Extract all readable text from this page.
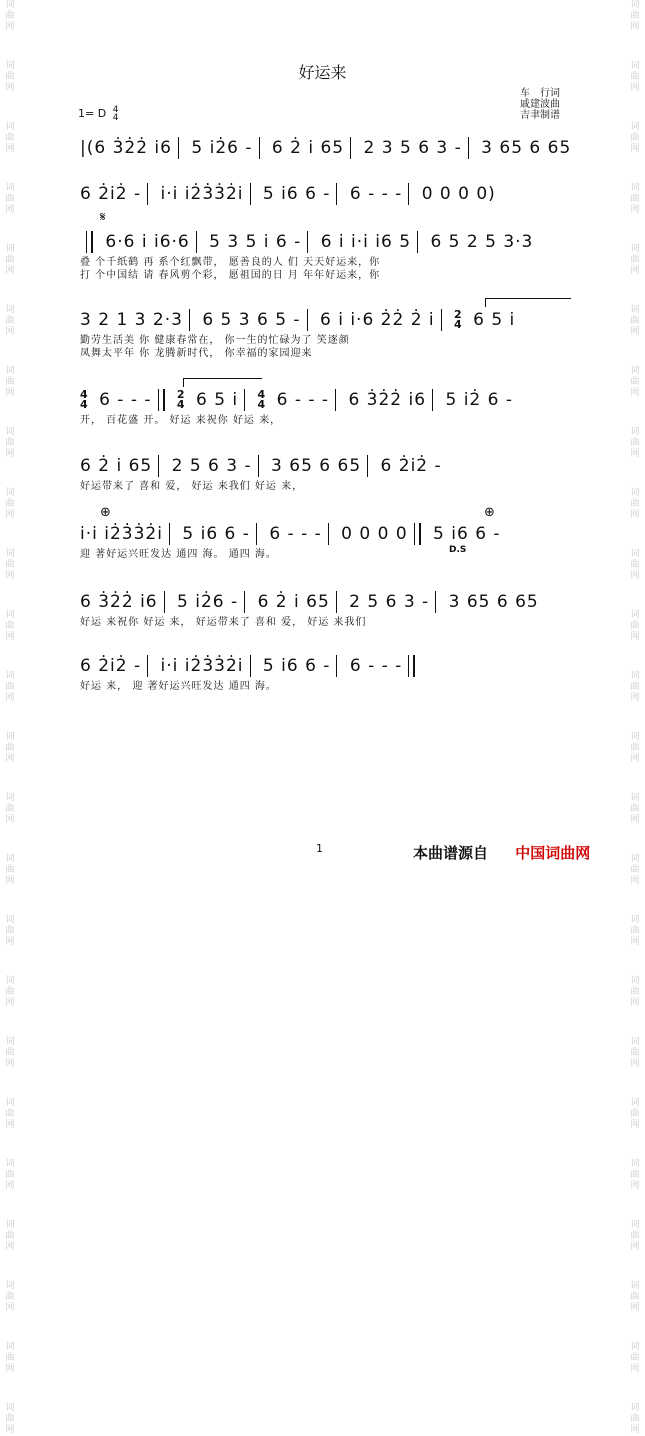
词
曲
网
词
曲
网
词
曲
网
词
曲
网
词
曲
网
词
曲
网
词
曲
网
词
曲
网
词
曲
网
词
曲
网
词
曲
网
词
曲
网
词
曲
网
词
曲
网
词
曲
网
词
曲
网
词
曲
网
词
曲
网
词
曲
网
词
曲
网
词
曲
网
词
曲
网
词
曲
网
词
曲
网
词
曲
网
词
曲
网
词
曲
网
词
曲
网
词
曲
网
词
曲
网
词
曲
网
词
曲
网
词
曲
网
词
曲
网
词
曲
网
词
曲
网
词
曲
网
词
曲
网
词
曲
网
词
曲
网
词
曲
网
词
曲
网
词
曲
网
词
曲
网
词
曲
网
词
曲
网
词
曲
网
词
曲
网
好运来
车　行词
戚建波曲
吉聿制谱
1= D 4
4
|(6 3̇2̇2̇ i6 5 i2̇6 - 6 2̇ i 65 2 3 5 6 3 - 3 65 6 65
6 2̇i2̇ - i·i i2̇3̇3̇2̇i 5 i6 6 - 6 - - - 0 0 0 0)
𝄋
6·6 i i6·6 5 3 5 i 6 - 6 i i·i i6 5 6 5 2 5 3·3
叠 个千纸鹤 再 系个红飘带， 愿善良的人 们 天天好运来，你
打 个中国结 请 春风剪个彩， 愿祖国的日 月 年年好运来，你
3 2 1 3 2·3 6 5 3 6 5 - 6 i i·6 2̇2̇ 2̇ i 2
4 6 5 i
勤劳生活美 你 健康春常在， 你一生的忙碌为了 笑逐颜
凤舞太平年 你 龙腾新时代， 你幸福的家园迎来
4
4 6 - - - 2
4 6 5 i 4
4 6 - - - 6 3̇2̇2̇ i6 5 i2̇ 6 -
开， 百花盛 开。 好运 来祝你 好运 来，
6 2̇ i 65 2 5 6 3 - 3 65 6 65 6 2̇i2̇ -
好运带来了 喜和 爱， 好运 来我们 好运 来，
⊕	⊕
i·i i2̇3̇3̇2̇i 5 i6 6 - 6 - - - 0 0 0 0 5 i6 6 -
迎 著好运兴旺发达 通四 海。 通四 海。	D.S
6 3̇2̇2̇ i6 5 i2̇6 - 6 2̇ i 65 2 5 6 3 - 3 65 6 65
好运 来祝你 好运 来， 好运带来了 喜和 爱， 好运 来我们
6 2̇i2̇ - i·i i2̇3̇3̇2̇i 5 i6 6 - 6 - - -
好运 来， 迎 著好运兴旺发达 通四 海。
1	本曲谱源自 中国词曲网
